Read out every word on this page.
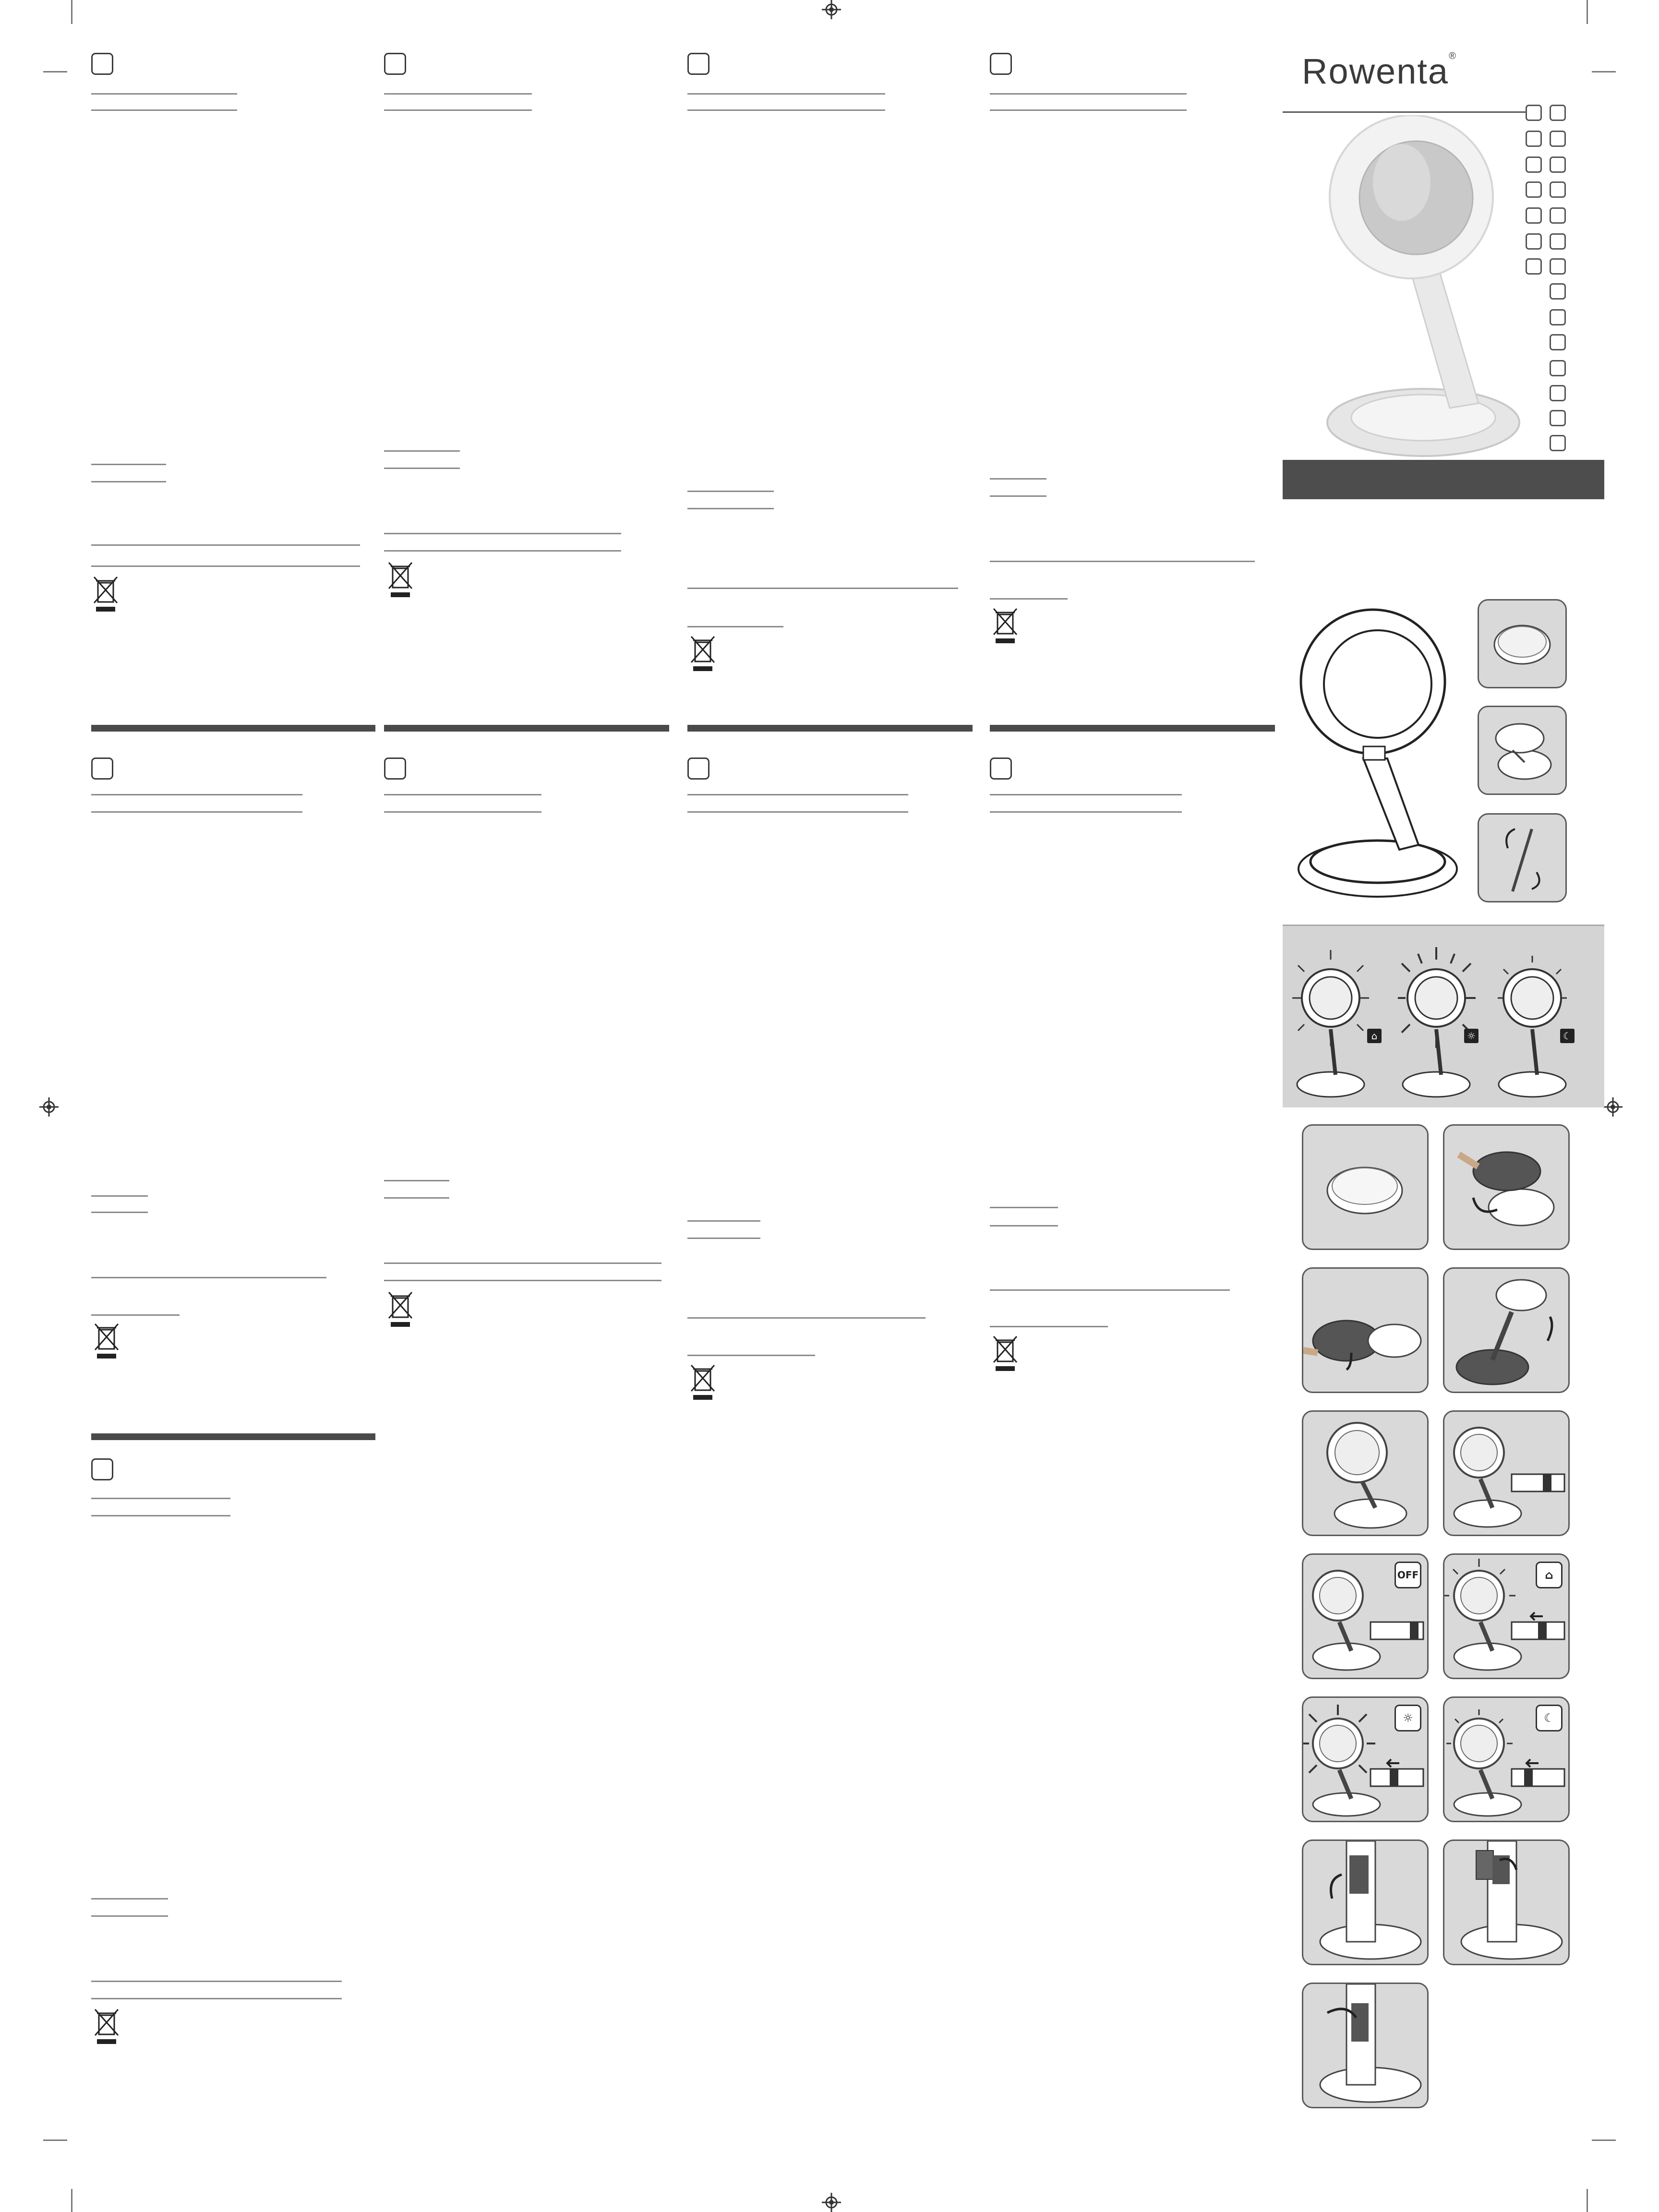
Rowenta®
⌂	☼	☾
OFF	⌂
☼	☾
